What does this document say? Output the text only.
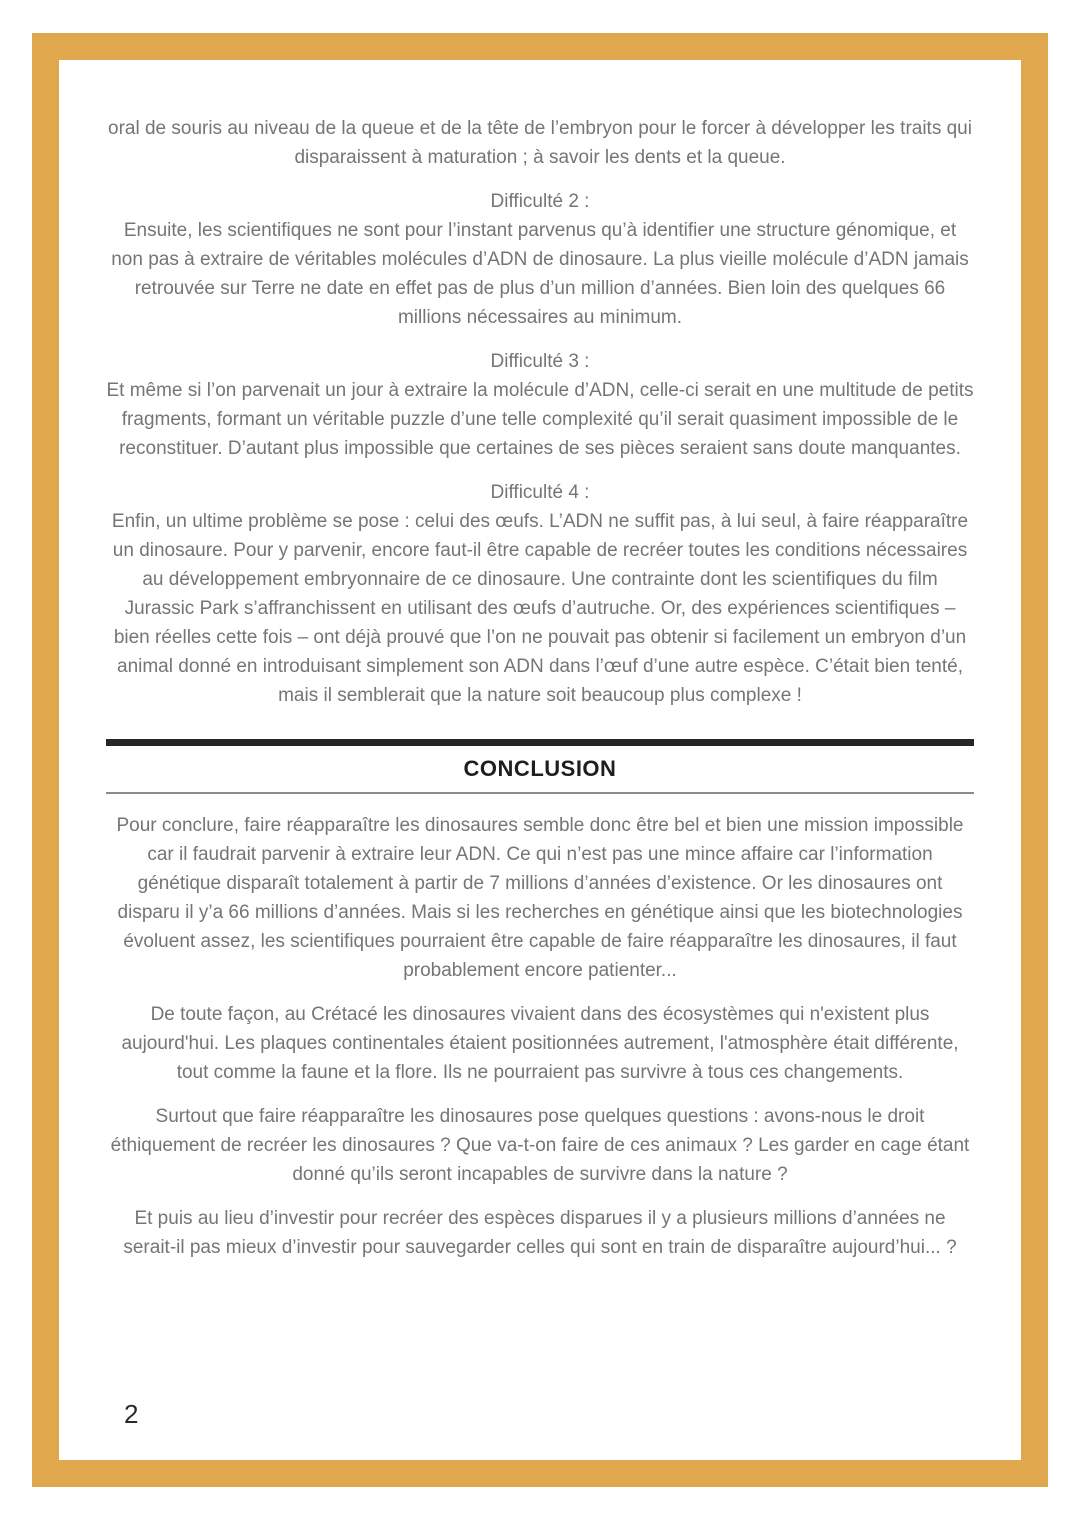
oral de souris au niveau de la queue et de la tête de l’embryon pour le forcer à développer les traits qui disparaissent à maturation ; à savoir les dents et la queue.

Difficulté 2 :

Ensuite, les scientifiques ne sont pour l’instant parvenus qu’à identifier une structure génomique, et non pas à extraire de véritables molécules d’ADN de dinosaure. La plus vieille molécule d’ADN jamais retrouvée sur Terre ne date en effet pas de plus d’un million d’années. Bien loin des quelques 66 millions nécessaires au minimum.

Difficulté 3 :

Et même si l’on parvenait un jour à extraire la molécule d’ADN, celle-ci serait en une multitude de petits fragments, formant un véritable puzzle d’une telle complexité qu’il serait quasiment impossible de le reconstituer. D’autant plus impossible que certaines de ses pièces seraient sans doute manquantes.

Difficulté 4 :

Enfin, un ultime problème se pose : celui des œufs. L’ADN ne suffit pas, à lui seul, à faire réapparaître un dinosaure. Pour y parvenir, encore faut-il être capable de recréer toutes les conditions nécessaires au développement embryonnaire de ce dinosaure. Une contrainte dont les scientifiques du film Jurassic Park s’affranchissent en utilisant des œufs d’autruche. Or, des expériences scientifiques – bien réelles cette fois – ont déjà prouvé que l’on ne pouvait pas obtenir si facilement un embryon d’un animal donné en introduisant simplement son ADN dans l’œuf d’une autre espèce. C’était bien tenté, mais il semblerait que la nature soit beaucoup plus complexe !

CONCLUSION

Pour conclure, faire réapparaître les dinosaures semble donc être bel et bien une mission impossible car il faudrait parvenir à extraire leur ADN. Ce qui n’est pas une mince affaire car l’information génétique disparaît totalement à partir de 7 millions d’années d’existence. Or les dinosaures ont disparu il y’a 66 millions d’années. Mais si les recherches en génétique ainsi que les biotechnologies évoluent assez, les scientifiques pourraient être capable de faire réapparaître les dinosaures, il faut probablement encore patienter...

De toute façon, au Crétacé les dinosaures vivaient dans des écosystèmes qui n'existent plus aujourd'hui. Les plaques continentales étaient positionnées autrement, l'atmosphère était différente, tout comme la faune et la flore. Ils ne pourraient pas survivre à tous ces changements.

Surtout que faire réapparaître les dinosaures pose quelques questions : avons-nous le droit éthiquement de recréer les dinosaures ? Que va-t-on faire de ces animaux ? Les garder en cage étant donné qu’ils seront incapables de survivre dans la nature ?

Et puis au lieu d’investir pour recréer des espèces disparues il y a plusieurs millions d’années ne serait-il pas mieux d’investir pour sauvegarder celles qui sont en train de disparaître aujourd’hui... ?

2
